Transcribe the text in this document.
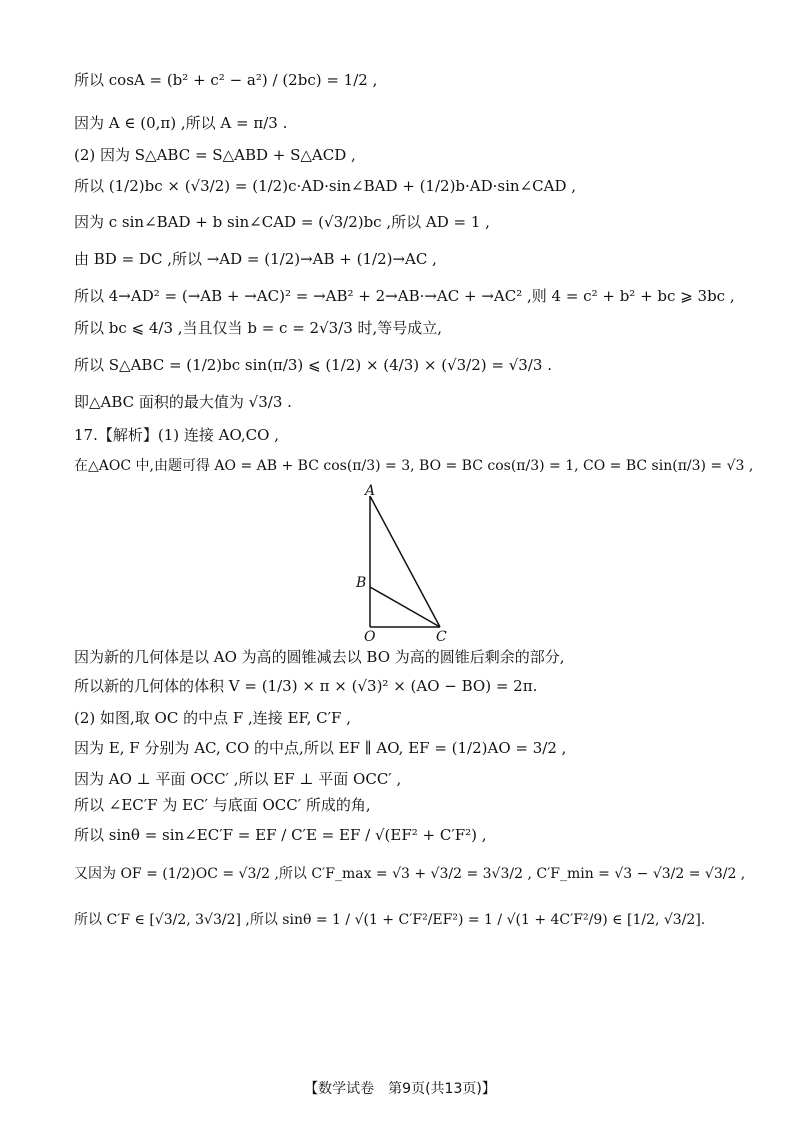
所以 cosA = (b² + c² − a²) / (2bc) = 1/2 ,
因为 A ∈ (0,π) ,所以 A = π/3 .
(2) 因为 S△ABC = S△ABD + S△ACD ,
所以 (1/2)bc × (√3/2) = (1/2)c·AD·sin∠BAD + (1/2)b·AD·sin∠CAD ,
因为 c sin∠BAD + b sin∠CAD = (√3/2)bc ,所以 AD = 1 ,
由 BD = DC ,所以 →AD = (1/2)→AB + (1/2)→AC ,
所以 4→AD² = (→AB + →AC)² = →AB² + 2→AB·→AC + →AC² ,则 4 = c² + b² + bc ⩾ 3bc ,
所以 bc ⩽ 4/3 ,当且仅当 b = c = 2√3/3 时,等号成立,
所以 S△ABC = (1/2)bc sin(π/3) ⩽ (1/2) × (4/3) × (√3/2) = √3/3 .
即△ABC 面积的最大值为 √3/3 .
17.【解析】(1) 连接 AO,CO ,
在△AOC 中,由题可得 AO = AB + BC cos(π/3) = 3, BO = BC cos(π/3) = 1, CO = BC sin(π/3) = √3 ,
A
B
O	C
因为新的几何体是以 AO 为高的圆锥减去以 BO 为高的圆锥后剩余的部分,
所以新的几何体的体积 V = (1/3) × π × (√3)² × (AO − BO) = 2π.
(2) 如图,取 OC 的中点 F ,连接 EF, C′F ,
因为 E, F 分别为 AC, CO 的中点,所以 EF ∥ AO, EF = (1/2)AO = 3/2 ,
因为 AO ⊥ 平面 OCC′ ,所以 EF ⊥ 平面 OCC′ ,
所以 ∠EC′F 为 EC′ 与底面 OCC′ 所成的角,
所以 sinθ = sin∠EC′F = EF / C′E = EF / √(EF² + C′F²) ,
又因为 OF = (1/2)OC = √3/2 ,所以 C′F_max = √3 + √3/2 = 3√3/2 , C′F_min = √3 − √3/2 = √3/2 ,
所以 C′F ∈ [√3/2, 3√3/2] ,所以 sinθ = 1 / √(1 + C′F²/EF²) = 1 / √(1 + 4C′F²/9) ∈ [1/2, √3/2].
【数学试卷　第9页(共13页)】
